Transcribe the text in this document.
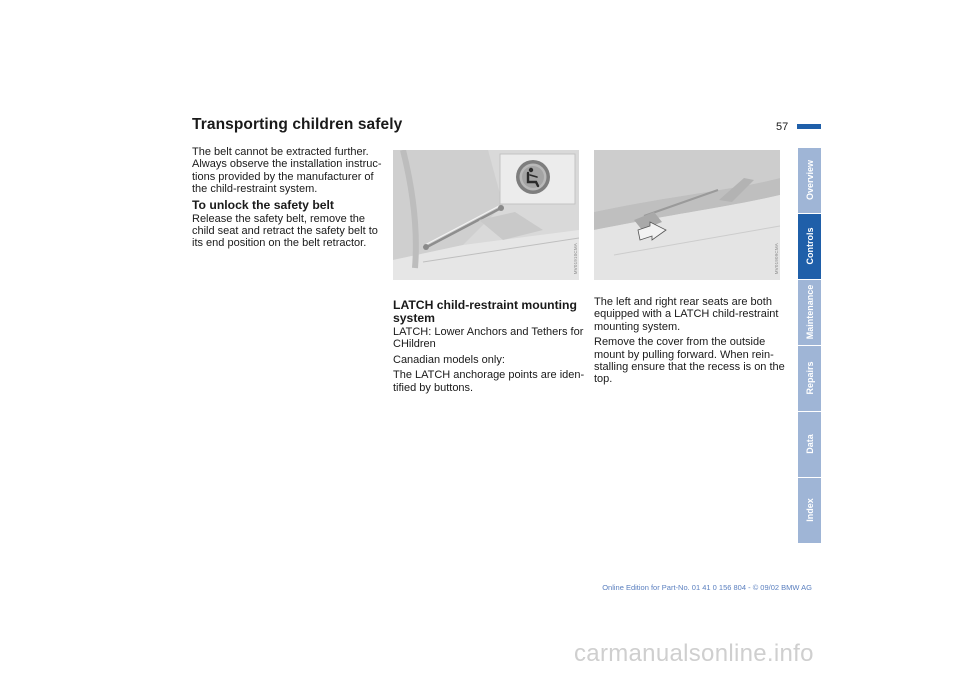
Transporting children safely	57

The belt cannot be extracted further. Always observe the installation instruc-tions provided by the manufacturer of the child-restraint system.

To unlock the safety belt

Release the safety belt, remove the child seat and retract the safety belt to its end position on the belt retractor.	MV01910CMA	MV01909CMA
LATCH child-restraint mounting system

LATCH: Lower Anchors and Tethers for CHildren

Canadian models only:

The LATCH anchorage points are iden-tified by buttons.

The left and right rear seats are both equipped with a LATCH child-restraint mounting system.

Remove the cover from the outside mount by pulling forward. When rein-stalling ensure that the recess is on the top.

Overview
Controls
Maintenance
Repairs
Data
Index
Online Edition for Part-No. 01 41 0 156 804 - © 09/02 BMW AG
carmanualsonline.info
